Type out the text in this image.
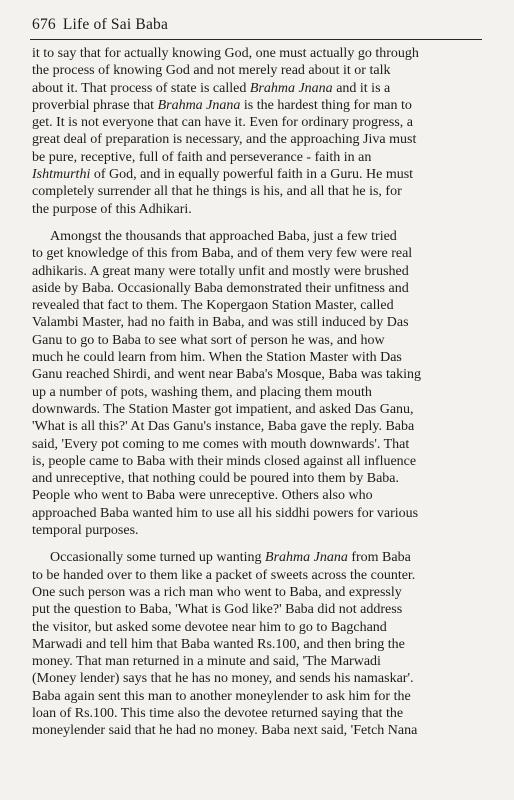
676 Life of Sai Baba
it to say that for actually knowing God, one must actually go through
the process of knowing God and not merely read about it or talk
about it. That process of state is called Brahma Jnana and it is a
proverbial phrase that Brahma Jnana is the hardest thing for man to
get. It is not everyone that can have it. Even for ordinary progress, a
great deal of preparation is necessary, and the approaching Jiva must
be pure, receptive, full of faith and perseverance - faith in an
Ishtmurthi of God, and in equally powerful faith in a Guru. He must
completely surrender all that he things is his, and all that he is, for
the purpose of this Adhikari.
Amongst the thousands that approached Baba, just a few tried
to get knowledge of this from Baba, and of them very few were real
adhikaris. A great many were totally unfit and mostly were brushed
aside by Baba. Occasionally Baba demonstrated their unfitness and
revealed that fact to them. The Kopergaon Station Master, called
Valambi Master, had no faith in Baba, and was still induced by Das
Ganu to go to Baba to see what sort of person he was, and how
much he could learn from him. When the Station Master with Das
Ganu reached Shirdi, and went near Baba's Mosque, Baba was taking
up a number of pots, washing them, and placing them mouth
downwards. The Station Master got impatient, and asked Das Ganu,
'What is all this?' At Das Ganu's instance, Baba gave the reply. Baba
said, 'Every pot coming to me comes with mouth downwards'. That
is, people came to Baba with their minds closed against all influence
and unreceptive, that nothing could be poured into them by Baba.
People who went to Baba were unreceptive. Others also who
approached Baba wanted him to use all his siddhi powers for various
temporal purposes.
Occasionally some turned up wanting Brahma Jnana from Baba
to be handed over to them like a packet of sweets across the counter.
One such person was a rich man who went to Baba, and expressly
put the question to Baba, 'What is God like?' Baba did not address
the visitor, but asked some devotee near him to go to Bagchand
Marwadi and tell him that Baba wanted Rs.100, and then bring the
money. That man returned in a minute and said, 'The Marwadi
(Money lender) says that he has no money, and sends his namaskar'.
Baba again sent this man to another moneylender to ask him for the
loan of Rs.100. This time also the devotee returned saying that the
moneylender said that he had no money. Baba next said, 'Fetch Nana
